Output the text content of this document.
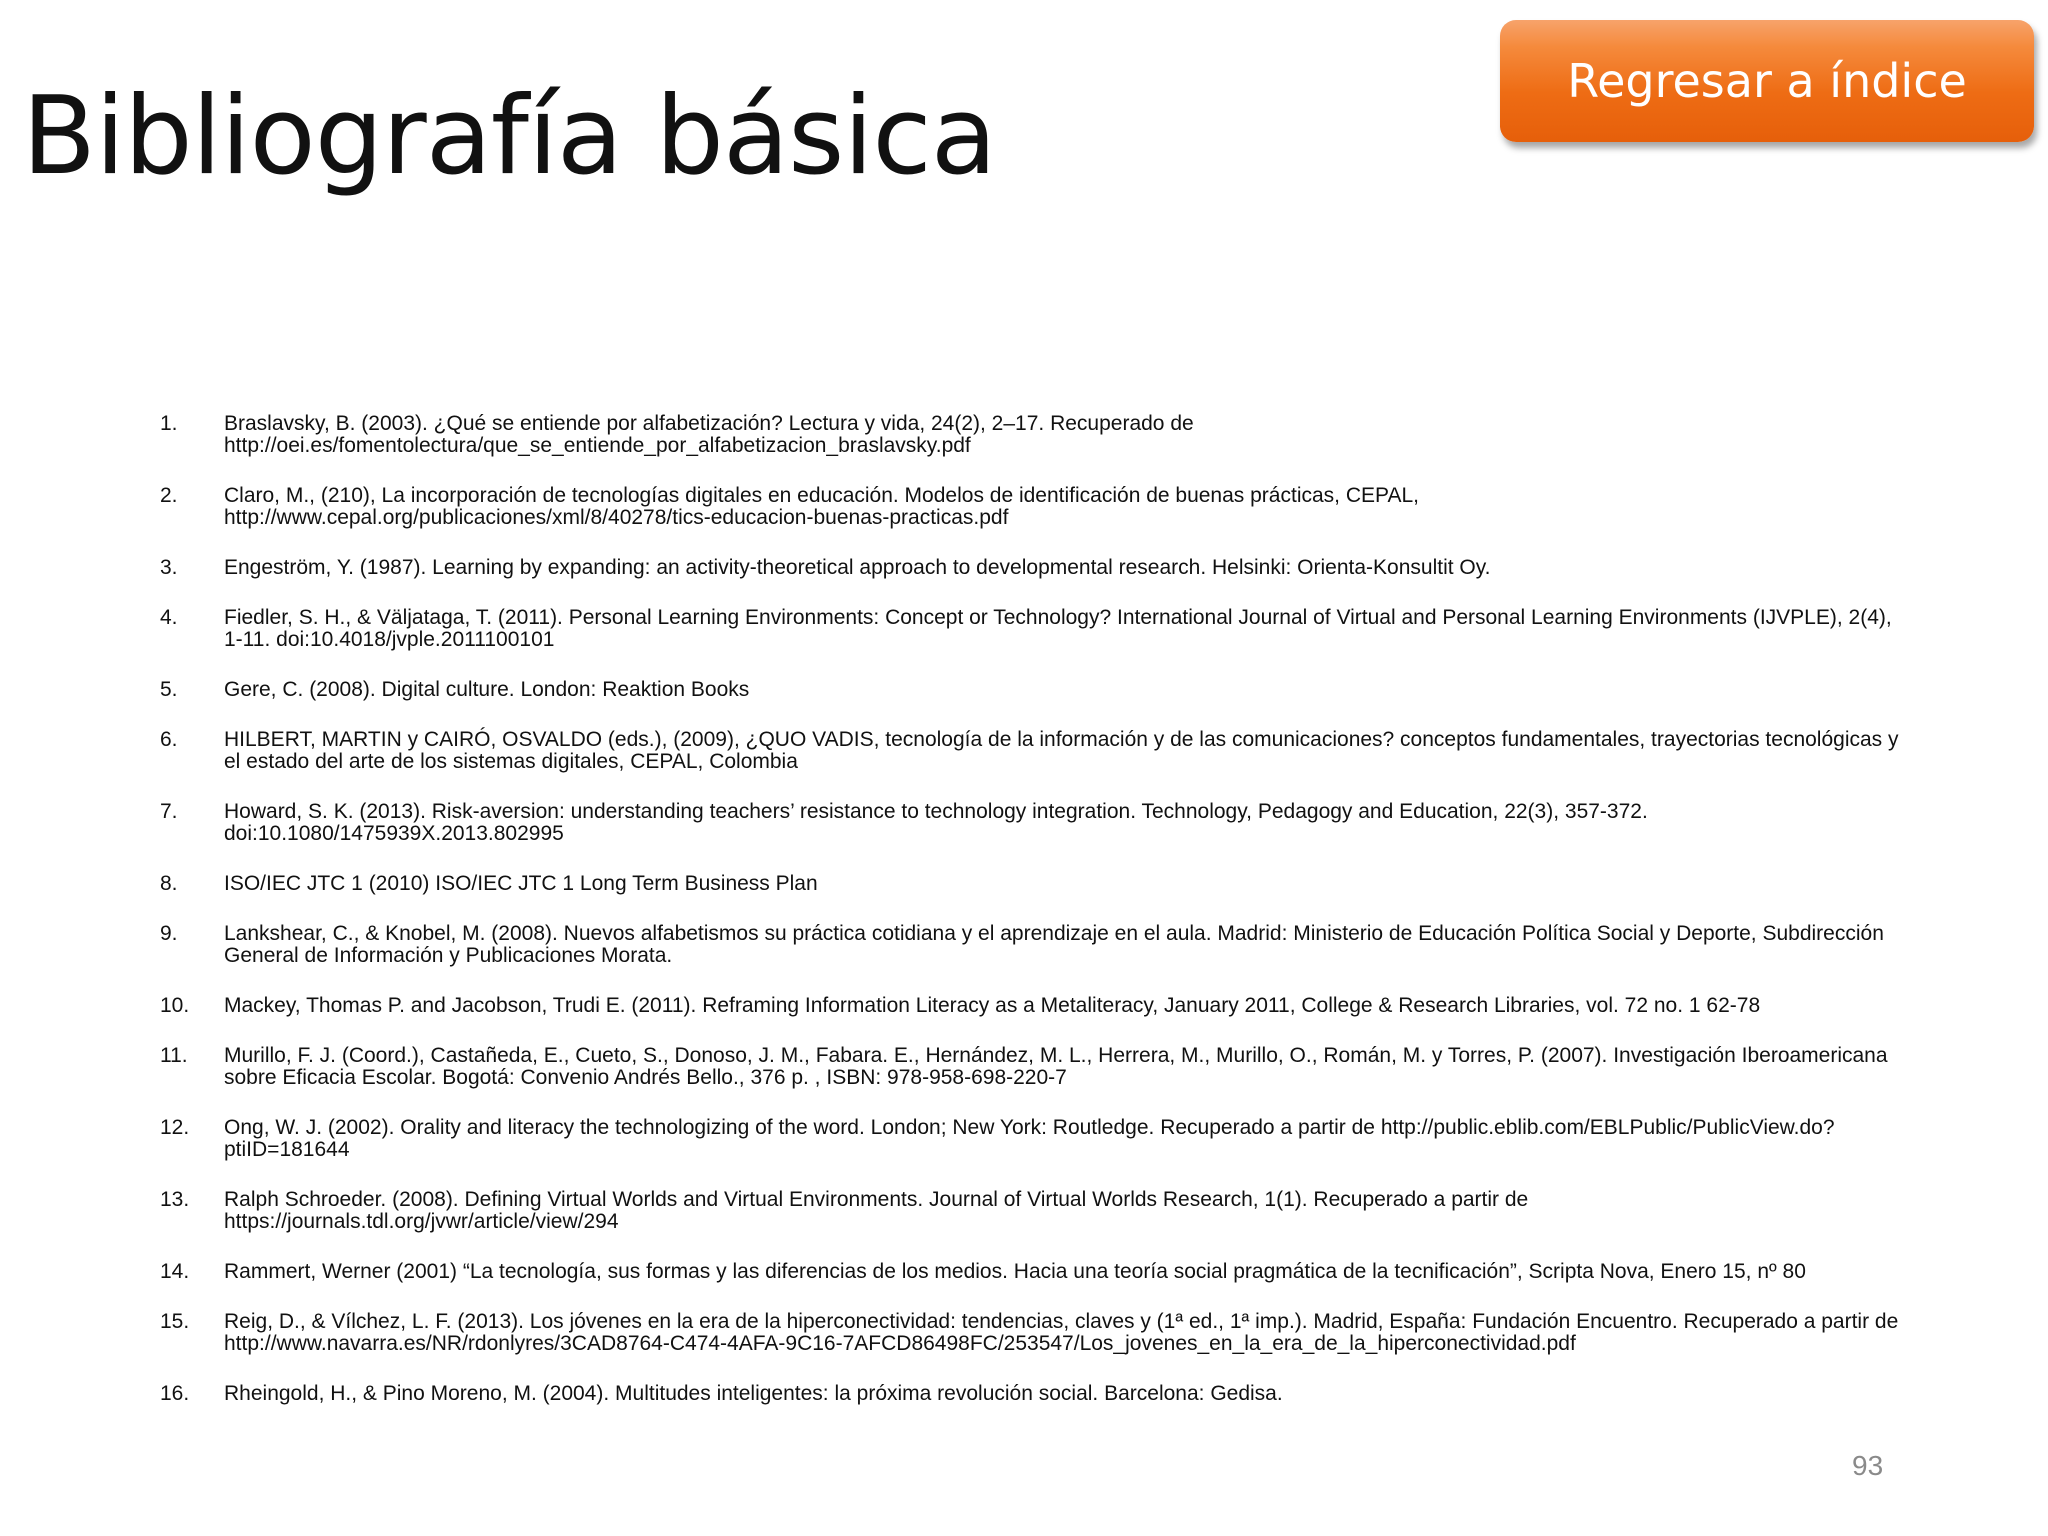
Bibliografía básica	Regresar a índice
1.	Braslavsky, B. (2003). ¿Qué se entiende por alfabetización? Lectura y vida, 24(2), 2–17. Recuperado de http://oei.es/fomentolectura/que_se_entiende_por_alfabetizacion_braslavsky.pdf
2.	Claro, M., (210), La incorporación de tecnologías digitales en educación. Modelos de identificación de buenas prácticas, CEPAL, http://www.cepal.org/publicaciones/xml/8/40278/tics-educacion-buenas-practicas.pdf
3.	Engeström, Y. (1987). Learning by expanding: an activity-theoretical approach to developmental research. Helsinki: Orienta-Konsultit Oy.
4.	Fiedler, S. H., & Väljataga, T. (2011). Personal Learning Environments: Concept or Technology? International Journal of Virtual and Personal Learning Environments (IJVPLE), 2(4), 1-11. doi:10.4018/jvple.2011100101
5.	Gere, C. (2008). Digital culture. London: Reaktion Books
6.	HILBERT, MARTIN y CAIRÓ, OSVALDO (eds.), (2009), ¿QUO VADIS, tecnología de la información y de las comunicaciones? conceptos fundamentales, trayectorias tecnológicas y el estado del arte de los sistemas digitales, CEPAL, Colombia
7.	Howard, S. K. (2013). Risk-aversion: understanding teachers’ resistance to technology integration. Technology, Pedagogy and Education, 22(3), 357-372. doi:10.1080/1475939X.2013.802995
8.	ISO/IEC JTC 1 (2010) ISO/IEC JTC 1 Long Term Business Plan
9.	Lankshear, C., & Knobel, M. (2008). Nuevos alfabetismos su práctica cotidiana y el aprendizaje en el aula. Madrid: Ministerio de Educación Política Social y Deporte, Subdirección General de Información y Publicaciones Morata.
10.	Mackey, Thomas P. and Jacobson, Trudi E. (2011). Reframing Information Literacy as a Metaliteracy, January 2011, College & Research Libraries, vol. 72 no. 1 62-78
11.	Murillo, F. J. (Coord.), Castañeda, E., Cueto, S., Donoso, J. M., Fabara. E., Hernández, M. L., Herrera, M., Murillo, O., Román, M. y Torres, P. (2007). Investigación Iberoamericana sobre Eficacia Escolar. Bogotá: Convenio Andrés Bello., 376 p. , ISBN: 978-958-698-220-7
12.	Ong, W. J. (2002). Orality and literacy the technologizing of the word. London; New York: Routledge. Recuperado a partir de http://public.eblib.com/EBLPublic/PublicView.do?ptiID=181644
13.	Ralph Schroeder. (2008). Defining Virtual Worlds and Virtual Environments. Journal of Virtual Worlds Research, 1(1). Recuperado a partir de https://journals.tdl.org/jvwr/article/view/294
14.	Rammert, Werner (2001) “La tecnología, sus formas y las diferencias de los medios. Hacia una teoría social pragmática de la tecnificación”, Scripta Nova, Enero 15, nº 80
15.	Reig, D., & Vílchez, L. F. (2013). Los jóvenes en la era de la hiperconectividad: tendencias, claves y (1ª ed., 1ª imp.). Madrid, España: Fundación Encuentro. Recuperado a partir de http://www.navarra.es/NR/rdonlyres/3CAD8764-C474-4AFA-9C16-7AFCD86498FC/253547/Los_jovenes_en_la_era_de_la_hiperconectividad.pdf
16.	Rheingold, H., & Pino Moreno, M. (2004). Multitudes inteligentes: la próxima revolución social. Barcelona: Gedisa.
93
